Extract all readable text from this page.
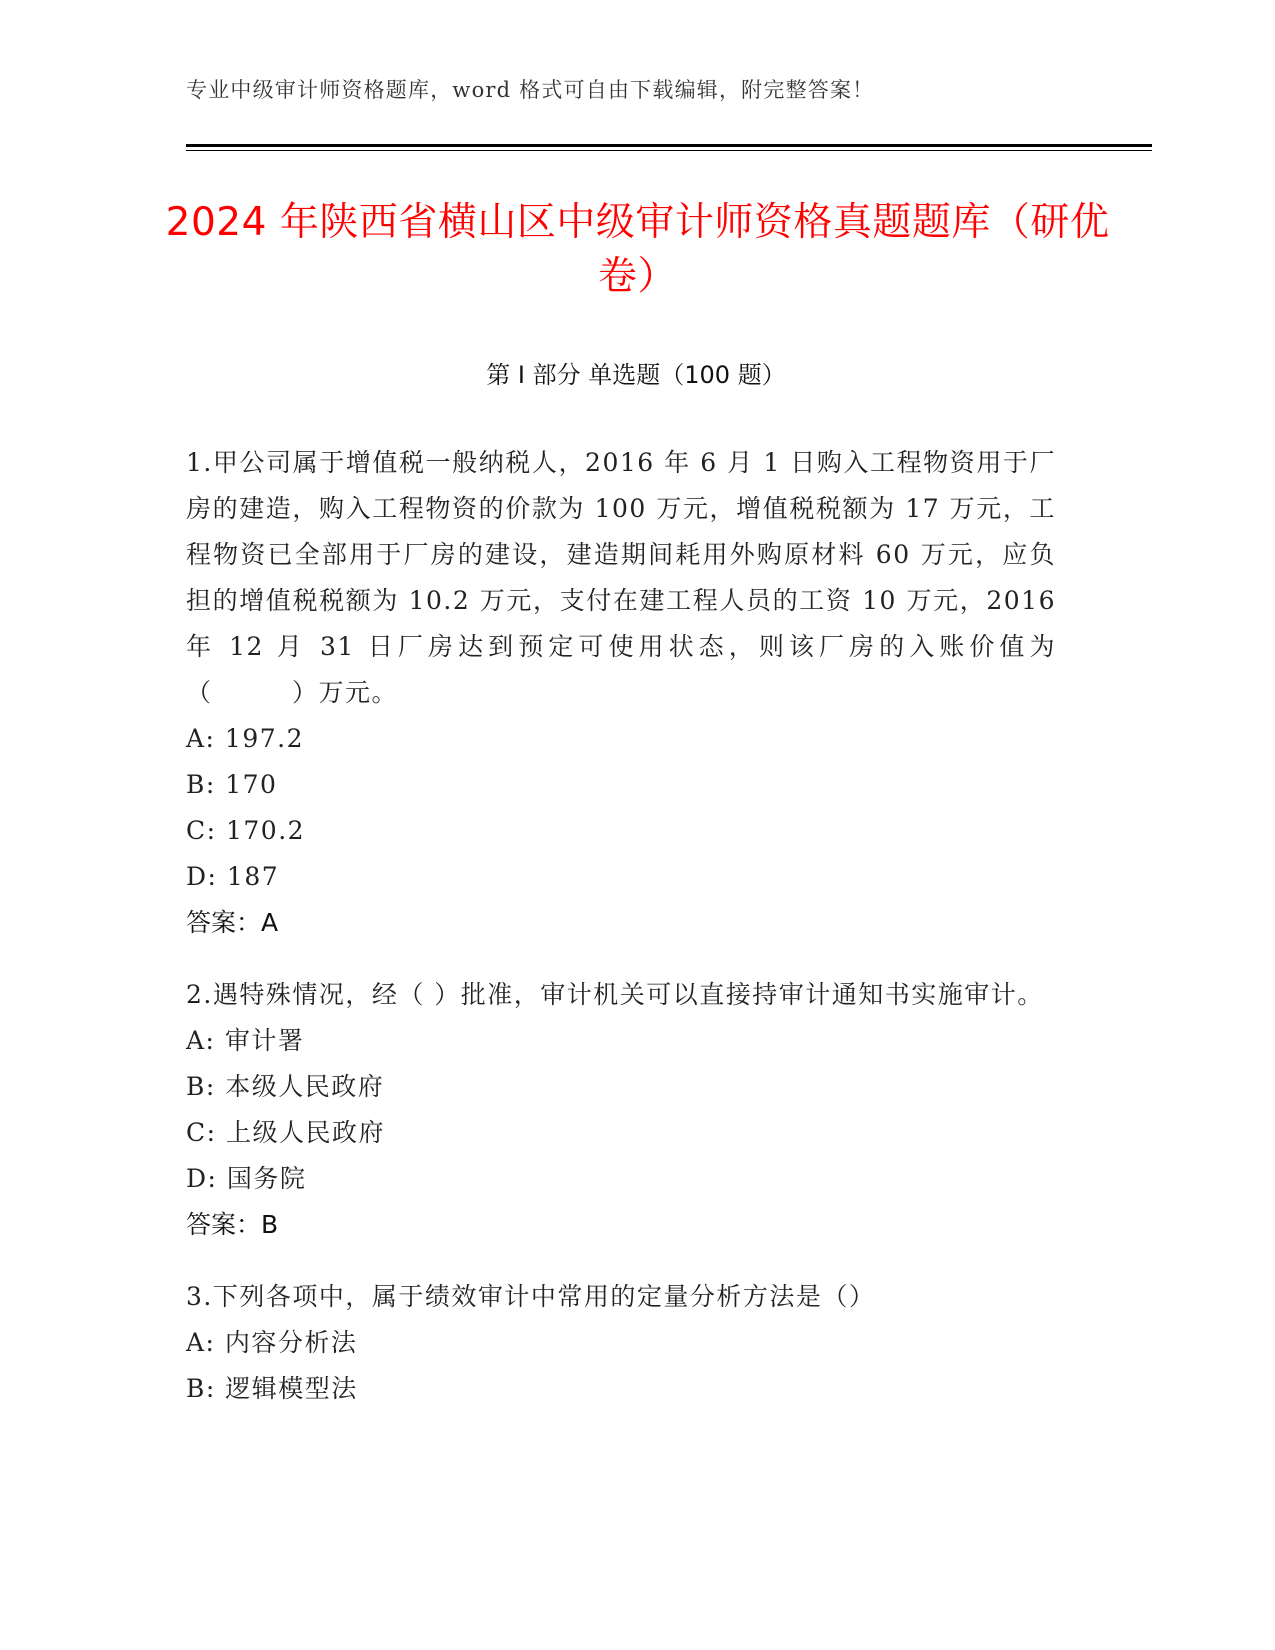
专业中级审计师资格题库，word 格式可自由下载编辑，附完整答案！
2024 年陕西省横山区中级审计师资格真题题库（研优卷）
第 I 部分 单选题（100 题）
1.甲公司属于增值税一般纳税人，2016 年 6 月 1 日购入工程物资用于厂房的建造，购入工程物资的价款为 100 万元，增值税税额为 17 万元，工程物资已全部用于厂房的建设，建造期间耗用外购原材料 60 万元，应负担的增值税税额为 10.2 万元，支付在建工程人员的工资 10 万元，2016 年 12 月 31 日厂房达到预定可使用状态，则该厂房的入账价值为（　　　）万元。
A: 197.2
B: 170
C: 170.2
D: 187
答案：A
2.遇特殊情况，经（ ）批准，审计机关可以直接持审计通知书实施审计。
A: 审计署
B: 本级人民政府
C: 上级人民政府
D: 国务院
答案：B
3.下列各项中，属于绩效审计中常用的定量分析方法是（）
A: 内容分析法
B: 逻辑模型法
